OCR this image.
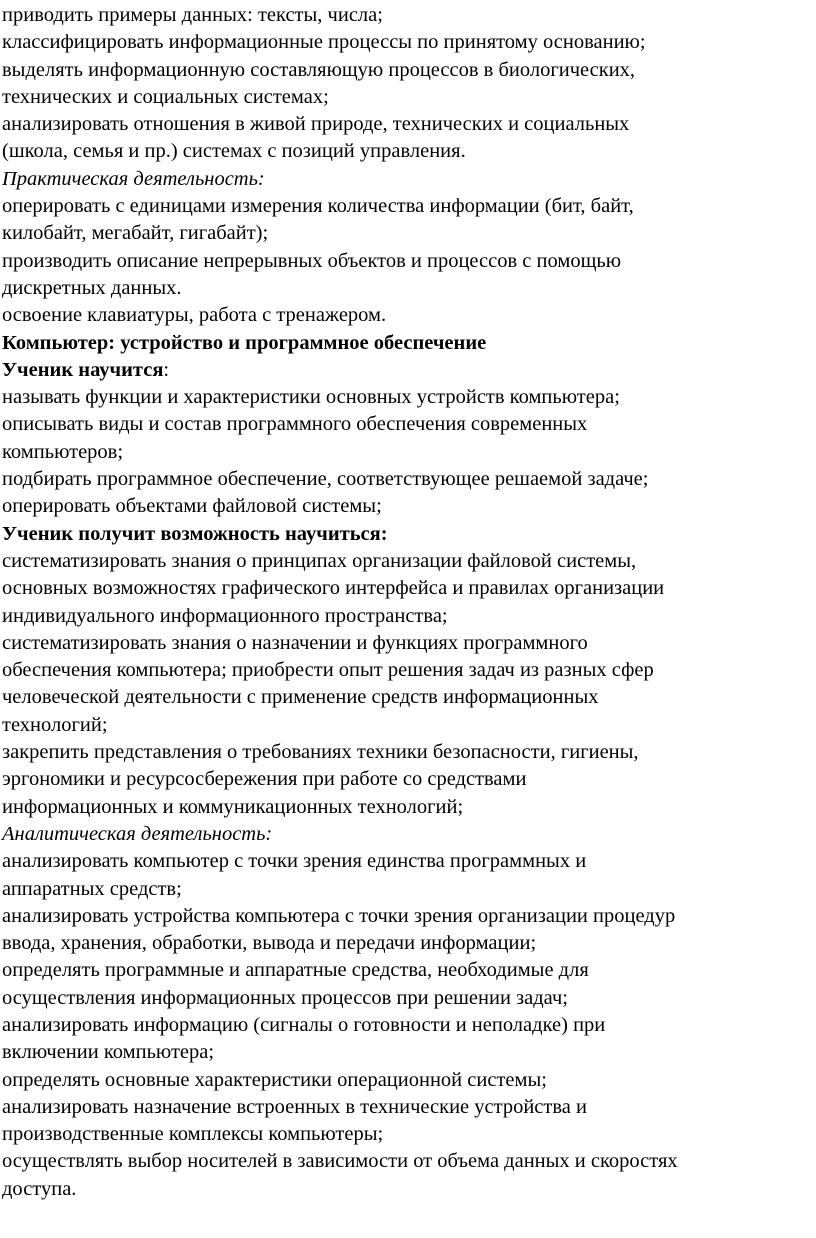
приводить примеры данных: тексты, числа;
классифицировать информационные процессы по принятому основанию;
выделять информационную составляющую процессов в биологических,
технических и социальных системах;
анализировать отношения в живой природе, технических и социальных
(школа, семья и пр.) системах с позиций управления.
Практическая деятельность:
оперировать с единицами измерения количества информации (бит, байт,
килобайт, мегабайт, гигабайт);
производить описание непрерывных объектов и процессов с помощью
дискретных данных.
освоение клавиатуры, работа с тренажером.
Компьютер: устройство и программное обеспечение
Ученик научится:
называть функции и характеристики основных устройств компьютера;
описывать виды и состав программного обеспечения современных
компьютеров;
подбирать программное обеспечение, соответствующее решаемой задаче;
оперировать объектами файловой системы;
Ученик получит возможность научиться:
систематизировать знания о принципах организации файловой системы,
основных возможностях графического интерфейса и правилах организации
индивидуального информационного пространства;
систематизировать знания о назначении и функциях программного
обеспечения компьютера; приобрести опыт решения задач из разных сфер
человеческой деятельности с применение средств информационных
технологий;
закрепить представления о требованиях техники безопасности, гигиены,
эргономики и ресурсосбережения при работе со средствами
информационных и коммуникационных технологий;
Аналитическая деятельность:
анализировать компьютер с точки зрения единства программных и
аппаратных средств;
анализировать устройства компьютера с точки зрения организации процедур
ввода, хранения, обработки, вывода и передачи информации;
определять программные и аппаратные средства, необходимые для
осуществления информационных процессов при решении задач;
анализировать информацию (сигналы о готовности и неполадке) при
включении компьютера;
определять основные характеристики операционной системы;
анализировать назначение встроенных в технические устройства и
производственные комплексы компьютеры;
осуществлять выбор носителей в зависимости от объема данных и скоростях
доступа.
